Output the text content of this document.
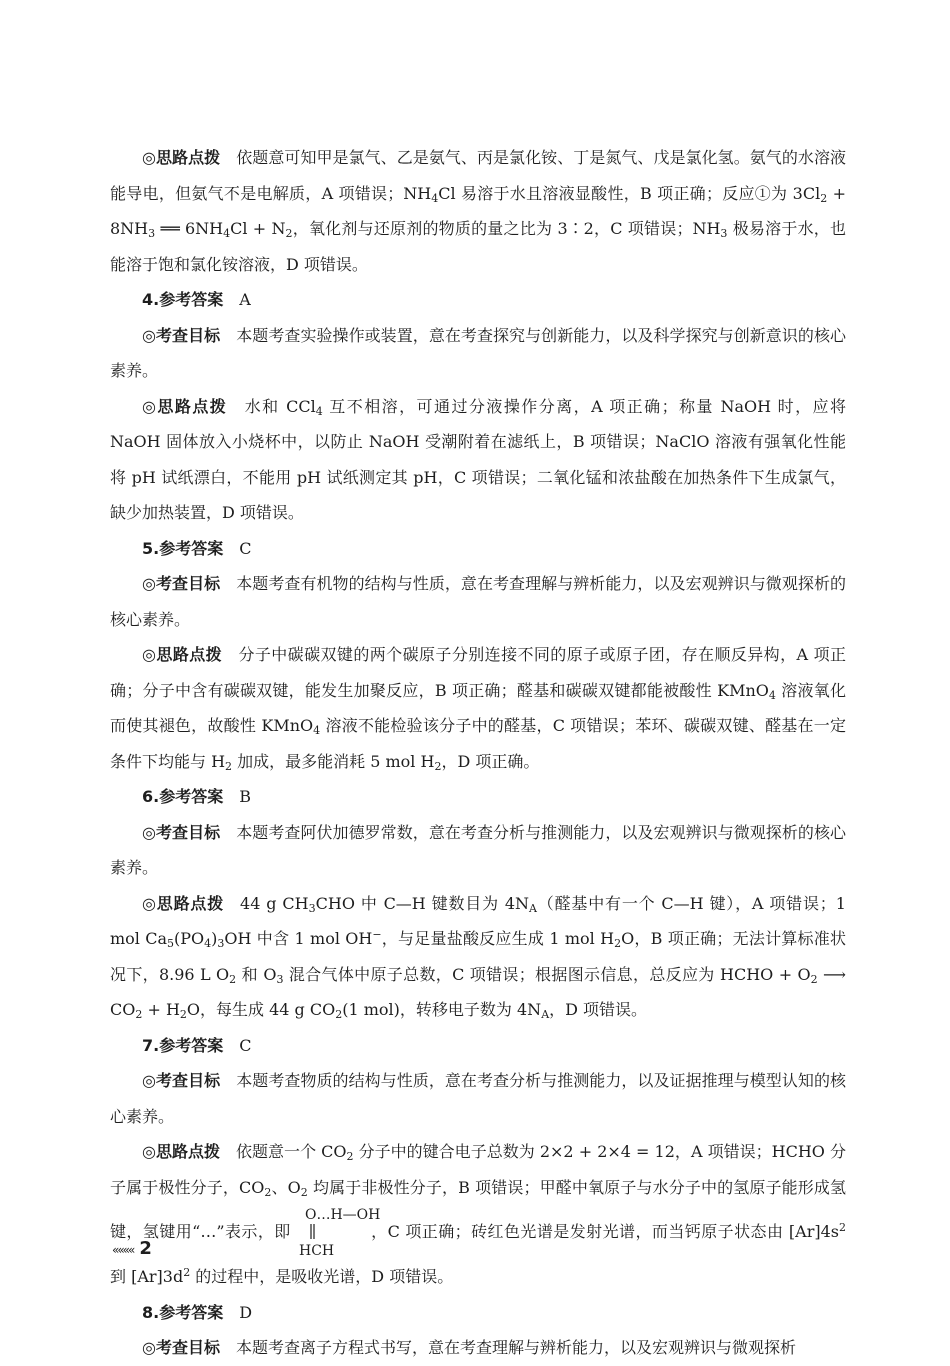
◎思路点拨 依题意可知甲是氯气、乙是氨气、丙是氯化铵、丁是氮气、戊是氯化氢。氨气的水溶液能导电，但氨气不是电解质，A 项错误；$NH_4Cl$ 易溶于水且溶液显酸性，B 项正确；反应①为 $3Cl_2 + 8NH_3$ ══ $6NH_4Cl + N_2$，氧化剂与还原剂的物质的量之比为 3∶2，C 项错误；$NH_3$ 极易溶于水，也能溶于饱和氯化铵溶液，D 项错误。

4.参考答案 A

◎考查目标 本题考查实验操作或装置，意在考查探究与创新能力，以及科学探究与创新意识的核心素养。

◎思路点拨 水和 CCl$_4$ 互不相溶，可通过分液操作分离，A 项正确；称量 NaOH 时，应将 NaOH 固体放入小烧杯中，以防止 NaOH 受潮附着在滤纸上，B 项错误；NaClO 溶液有强氧化性能将 pH 试纸漂白，不能用 pH 试纸测定其 pH，C 项错误；二氧化锰和浓盐酸在加热条件下生成氯气，缺少加热装置，D 项错误。

5.参考答案 C

◎考查目标 本题考查有机物的结构与性质，意在考查理解与辨析能力，以及宏观辨识与微观探析的核心素养。

◎思路点拨 分子中碳碳双键的两个碳原子分别连接不同的原子或原子团，存在顺反异构，A 项正确；分子中含有碳碳双键，能发生加聚反应，B 项正确；醛基和碳碳双键都能被酸性 KMnO$_4$ 溶液氧化而使其褪色，故酸性 KMnO$_4$ 溶液不能检验该分子中的醛基，C 项错误；苯环、碳碳双键、醛基在一定条件下均能与 $H_2$ 加成，最多能消耗 5 mol $H_2$，D 项正确。

6.参考答案 B

◎考查目标 本题考查阿伏加德罗常数，意在考查分析与推测能力，以及宏观辨识与微观探析的核心素养。

◎思路点拨 44 g $CH_3CHO$ 中 C—H 键数目为 $4N_A$（醛基中有一个 C—H 键），A 项错误；1 mol $Ca_5(PO_4)_3OH$ 中含 1 mol OH−，与足量盐酸反应生成 1 mol $H_2O$，B 项正确；无法计算标准状况下，8.96 L $O_2$ 和 $O_3$ 混合气体中原子总数，C 项错误；根据图示信息，总反应为 HCHO + $O_2$ ⟶ $CO_2 + H_2O$，每生成 44 g $CO_2(1$ mol)，转移电子数为 $4N_A$，D 项错误。

7.参考答案 C

◎考查目标 本题考查物质的结构与性质，意在考查分析与推测能力，以及证据推理与模型认知的核心素养。

◎思路点拨 依题意一个 $CO_2$ 分子中的键合电子总数为 2×2 + 2×4 = 12，A 项错误；HCHO 分子属于极性分子，$CO_2$、$O_2$ 均属于非极性分子，B 项错误；甲醛中氧原子与水分子中的氢原子能形成氢键，氢键用“…”表示，即
O…H—OH
HCH
，C 项正确；砖红色光谱是发射光谱，而当钙原子状态由 $[Ar]4s^2$ 到 $[Ar]3d^2$ 的过程中，是吸收光谱，D 项错误。

8.参考答案 D

◎考查目标 本题考查离子方程式书写，意在考查理解与辨析能力，以及宏观辨识与微观探析

«««« 2
